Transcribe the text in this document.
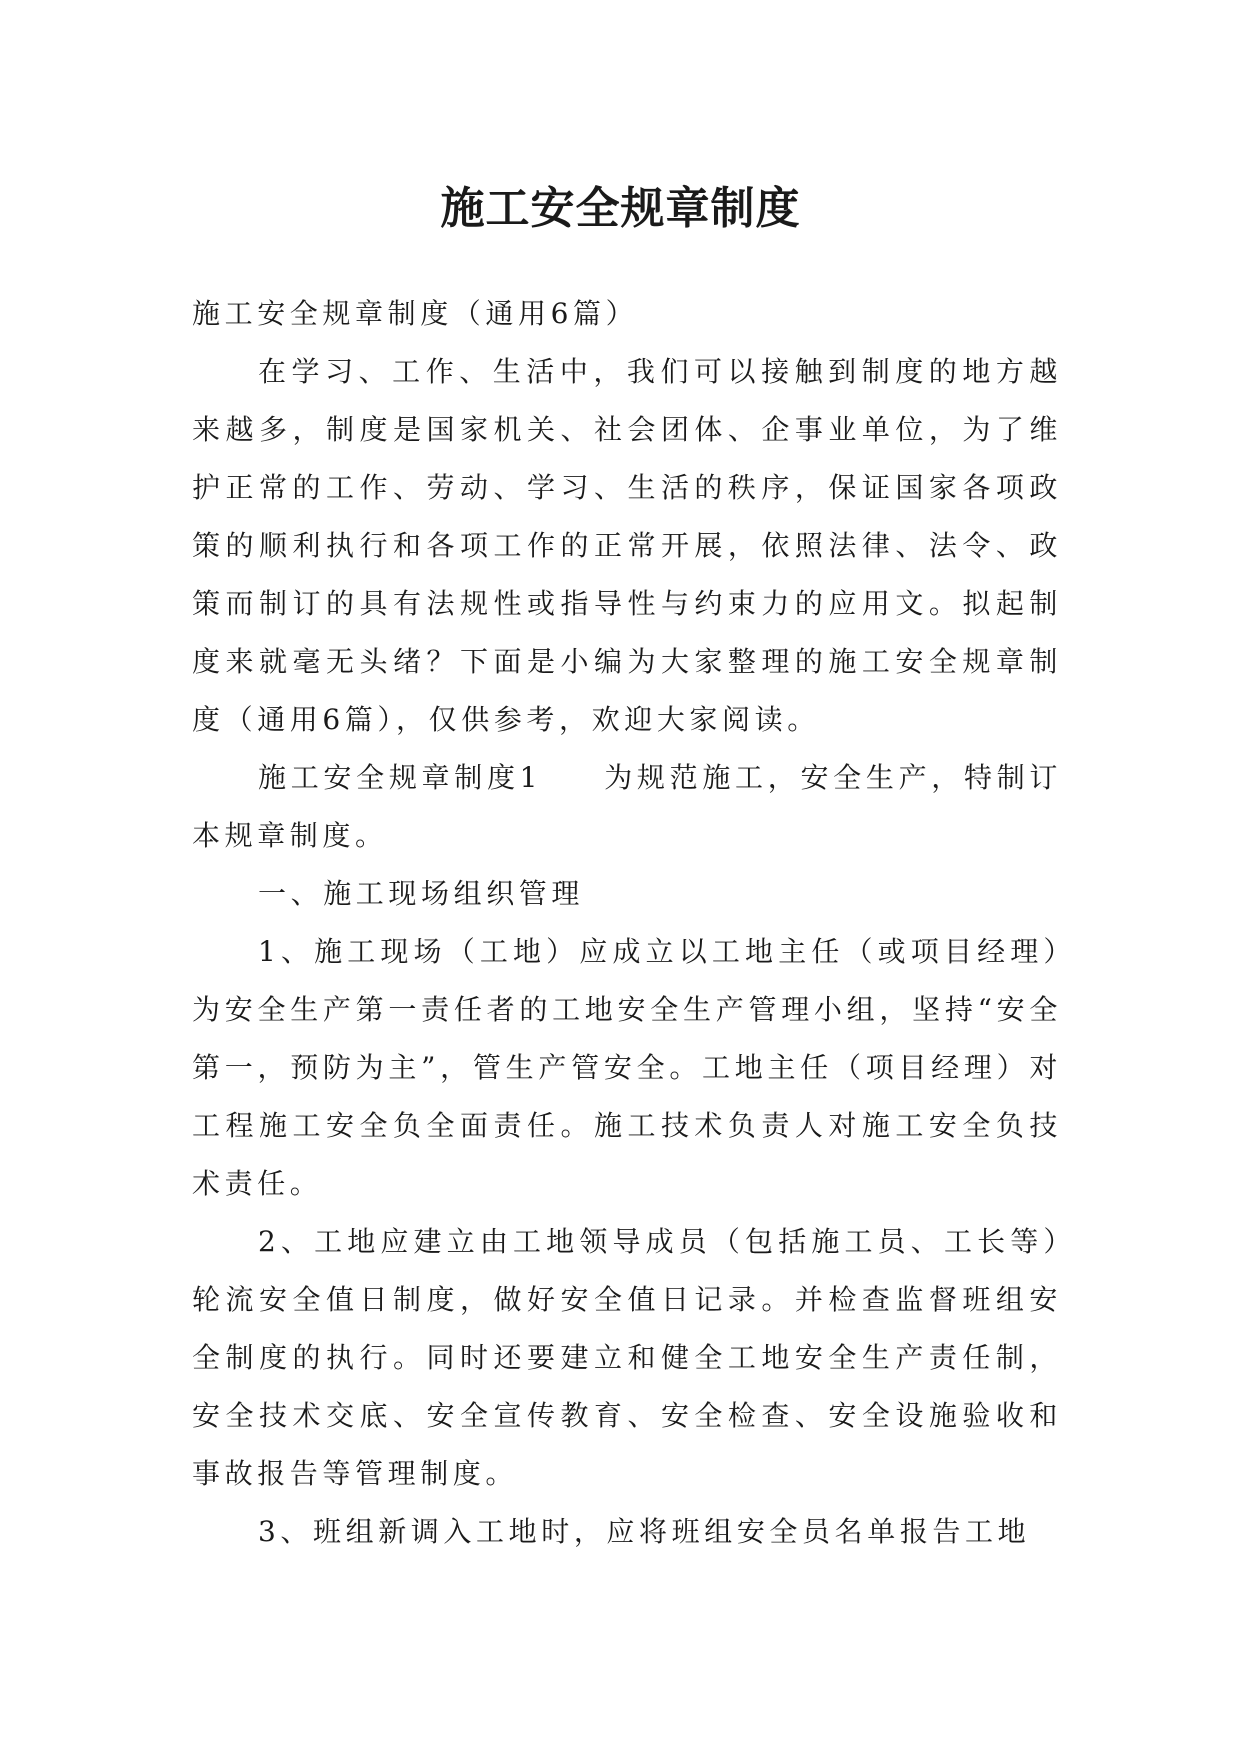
施工安全规章制度

施工安全规章制度（通用6篇）

在学习、工作、生活中，我们可以接触到制度的地方越来越多，制度是国家机关、社会团体、企事业单位，为了维护正常的工作、劳动、学习、生活的秩序，保证国家各项政策的顺利执行和各项工作的正常开展，依照法律、法令、政策而制订的具有法规性或指导性与约束力的应用文。拟起制度来就毫无头绪？下面是小编为大家整理的施工安全规章制度（通用6篇），仅供参考，欢迎大家阅读。

施工安全规章制度1 为规范施工，安全生产，特制订本规章制度。

一、施工现场组织管理

1、施工现场（工地）应成立以工地主任（或项目经理）为安全生产第一责任者的工地安全生产管理小组，坚持“安全第一，预防为主”，管生产管安全。工地主任（项目经理）对工程施工安全负全面责任。施工技术负责人对施工安全负技术责任。

2、工地应建立由工地领导成员（包括施工员、工长等）轮流安全值日制度，做好安全值日记录。并检查监督班组安全制度的执行。同时还要建立和健全工地安全生产责任制，安全技术交底、安全宣传教育、安全检查、安全设施验收和事故报告等管理制度。

3、班组新调入工地时，应将班组安全员名单报告工地
